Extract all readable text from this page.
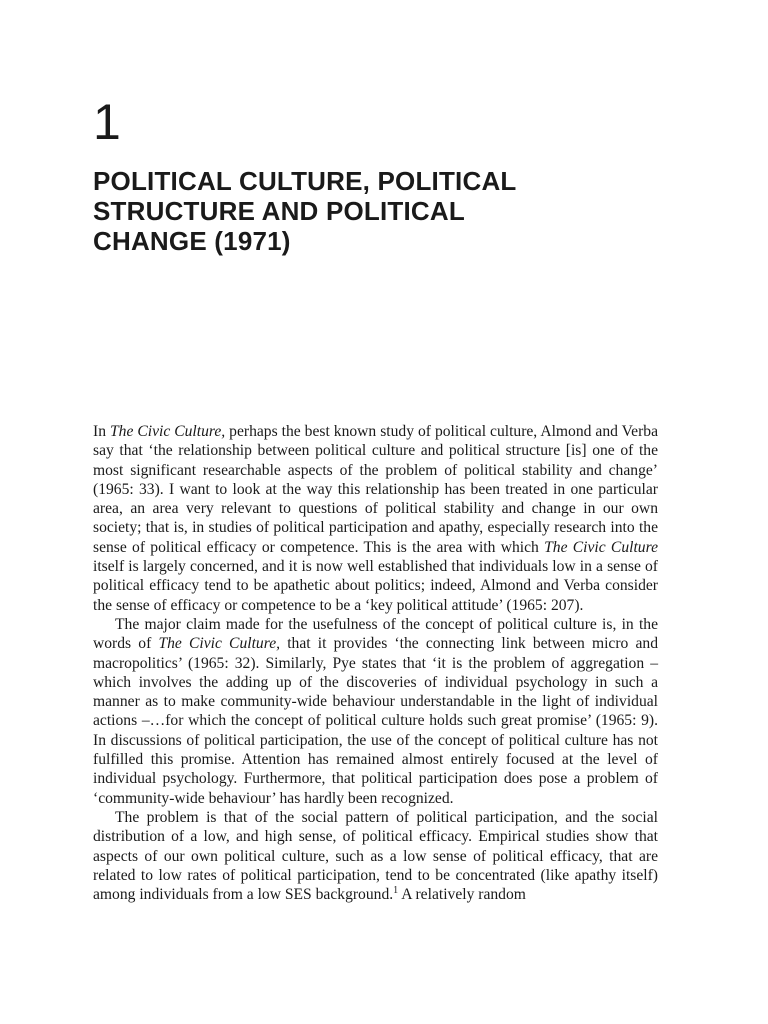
1
POLITICAL CULTURE, POLITICAL
STRUCTURE AND POLITICAL
CHANGE (1971)

In The Civic Culture, perhaps the best known study of political culture, Almond and Verba say that ‘the relationship between political culture and political structure [is] one of the most significant researchable aspects of the problem of political stability and change’ (1965: 33). I want to look at the way this relationship has been treated in one particular area, an area very relevant to questions of political stability and change in our own society; that is, in studies of political participation and apathy, especially research into the sense of political efficacy or competence. This is the area with which The Civic Culture itself is largely concerned, and it is now well established that individuals low in a sense of political efficacy tend to be apathetic about politics; indeed, Almond and Verba consider the sense of efficacy or competence to be a ‘key political attitude’ (1965: 207).

The major claim made for the usefulness of the concept of political culture is, in the words of The Civic Culture, that it provides ‘the connecting link between micro and macropolitics’ (1965: 32). Similarly, Pye states that ‘it is the problem of aggregation – which involves the adding up of the discoveries of individual psychology in such a manner as to make community-wide behaviour understandable in the light of individual actions –…for which the concept of political culture holds such great promise’ (1965: 9). In discussions of political participation, the use of the concept of political culture has not fulfilled this promise. Attention has remained almost entirely focused at the level of individual psychology. Furthermore, that political participation does pose a problem of ‘community-wide behaviour’ has hardly been recognized.

The problem is that of the social pattern of political participation, and the social distribution of a low, and high sense, of political efficacy. Empirical studies show that aspects of our own political culture, such as a low sense of political efficacy, that are related to low rates of political participation, tend to be concentrated (like apathy itself) among individuals from a low SES background.$^1$ A relatively random
